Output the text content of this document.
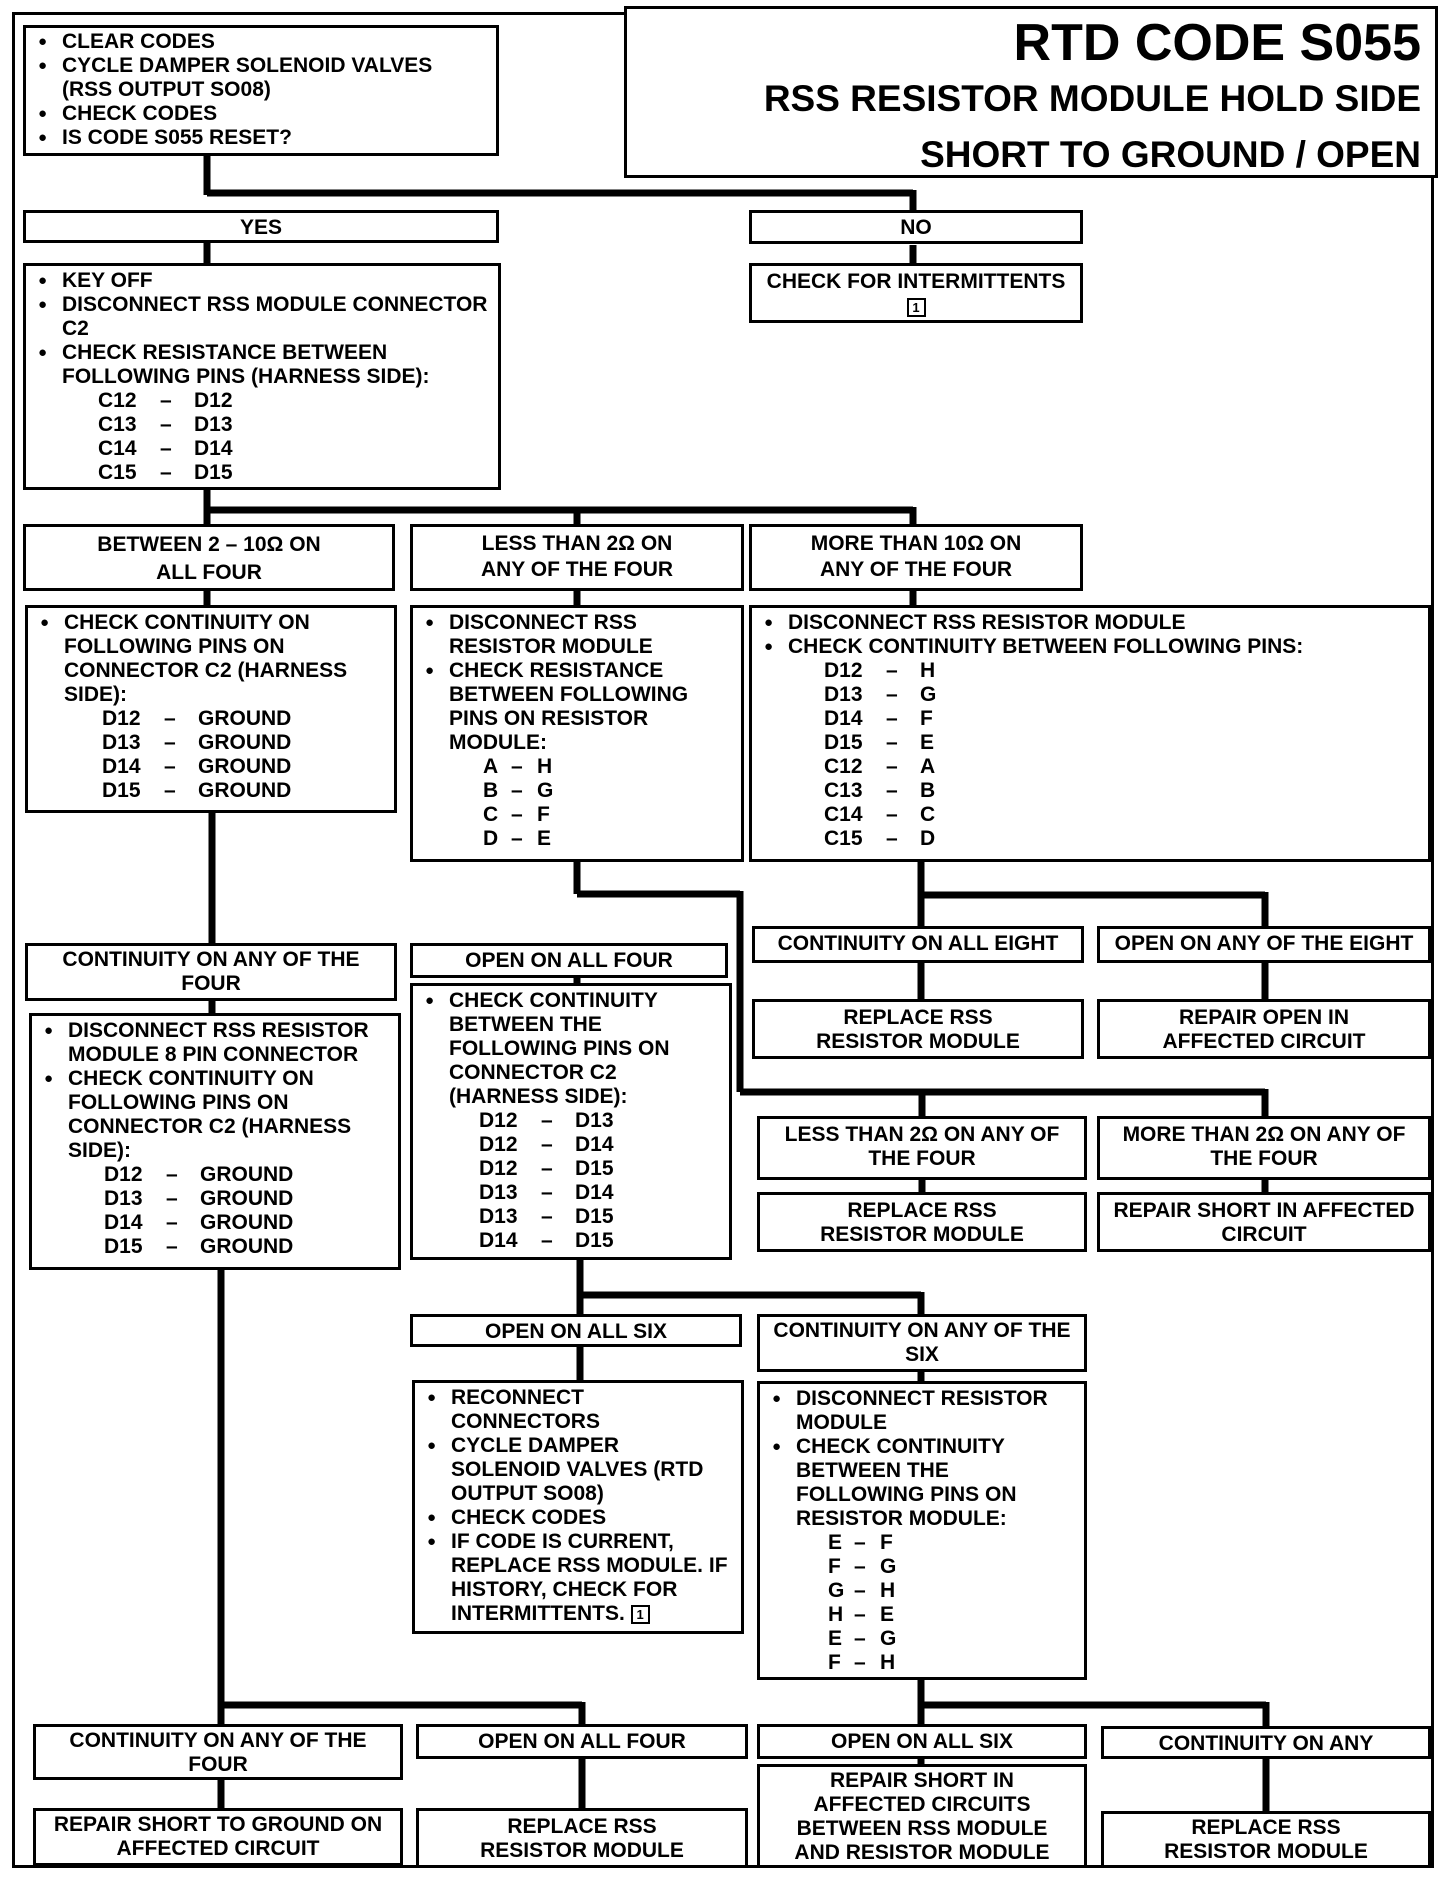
RTD CODE S055
RSS RESISTOR MODULE HOLD SIDE
SHORT TO GROUND / OPEN
● CLEAR CODES
● CYCLE DAMPER SOLENOID VALVES (RSS OUTPUT SO08)
● CHECK CODES
● IS CODE S055 RESET?
YES	NO
CHECK FOR INTERMITTENTS
1
● KEY OFF
● DISCONNECT RSS MODULE CONNECTOR C2
● CHECK RESISTANCE BETWEEN FOLLOWING PINS (HARNESS SIDE):
C12	–	D12
C13	–	D13
C14	–	D14
C15	–	D15
BETWEEN 2 – 10Ω ON ALL FOUR
LESS THAN 2Ω ON ANY OF THE FOUR
MORE THAN 10Ω ON ANY OF THE FOUR
● CHECK CONTINUITY ON FOLLOWING PINS ON CONNECTOR C2 (HARNESS SIDE):
D12	–	GROUND
D13	–	GROUND
D14	–	GROUND
D15	–	GROUND
● DISCONNECT RSS RESISTOR MODULE
● CHECK RESISTANCE BETWEEN FOLLOWING PINS ON RESISTOR MODULE:
A – H
B – G
C – F
D – E
● DISCONNECT RSS RESISTOR MODULE
● CHECK CONTINUITY BETWEEN FOLLOWING PINS:
D12	–	H
D13	–	G
D14	–	F
D15	–	E
C12	–	A
C13	–	B
C14	–	C
C15	–	D
CONTINUITY ON ANY OF THE FOUR
OPEN ON ALL FOUR
CONTINUITY ON ALL EIGHT	OPEN ON ANY OF THE EIGHT
REPLACE RSS RESISTOR MODULE
REPAIR OPEN IN AFFECTED CIRCUIT
● DISCONNECT RSS RESISTOR MODULE 8 PIN CONNECTOR
● CHECK CONTINUITY ON FOLLOWING PINS ON CONNECTOR C2 (HARNESS SIDE):
D12	–	GROUND
D13	–	GROUND
D14	–	GROUND
D15	–	GROUND
● CHECK CONTINUITY BETWEEN THE FOLLOWING PINS ON CONNECTOR C2 (HARNESS SIDE):
D12	–	D13
D12	–	D14
D12	–	D15
D13	–	D14
D13	–	D15
D14	–	D15
LESS THAN 2Ω ON ANY OF THE FOUR
MORE THAN 2Ω ON ANY OF THE FOUR
REPLACE RSS RESISTOR MODULE
REPAIR SHORT IN AFFECTED CIRCUIT
OPEN ON ALL SIX	CONTINUITY ON ANY OF THE SIX
● RECONNECT CONNECTORS
● CYCLE DAMPER SOLENOID VALVES (RTD OUTPUT SO08)
● CHECK CODES
● IF CODE IS CURRENT, REPLACE RSS MODULE. IF HISTORY, CHECK FOR INTERMITTENTS. 1
● DISCONNECT RESISTOR MODULE
● CHECK CONTINUITY BETWEEN THE FOLLOWING PINS ON RESISTOR MODULE:
E – F
F – G
G – H
H – E
E – G
F – H
CONTINUITY ON ANY OF THE FOUR
OPEN ON ALL FOUR	OPEN ON ALL SIX	CONTINUITY ON ANY
REPAIR SHORT TO GROUND ON AFFECTED CIRCUIT
REPLACE RSS RESISTOR MODULE
REPAIR SHORT IN AFFECTED CIRCUITS BETWEEN RSS MODULE AND RESISTOR MODULE
REPLACE RSS RESISTOR MODULE
